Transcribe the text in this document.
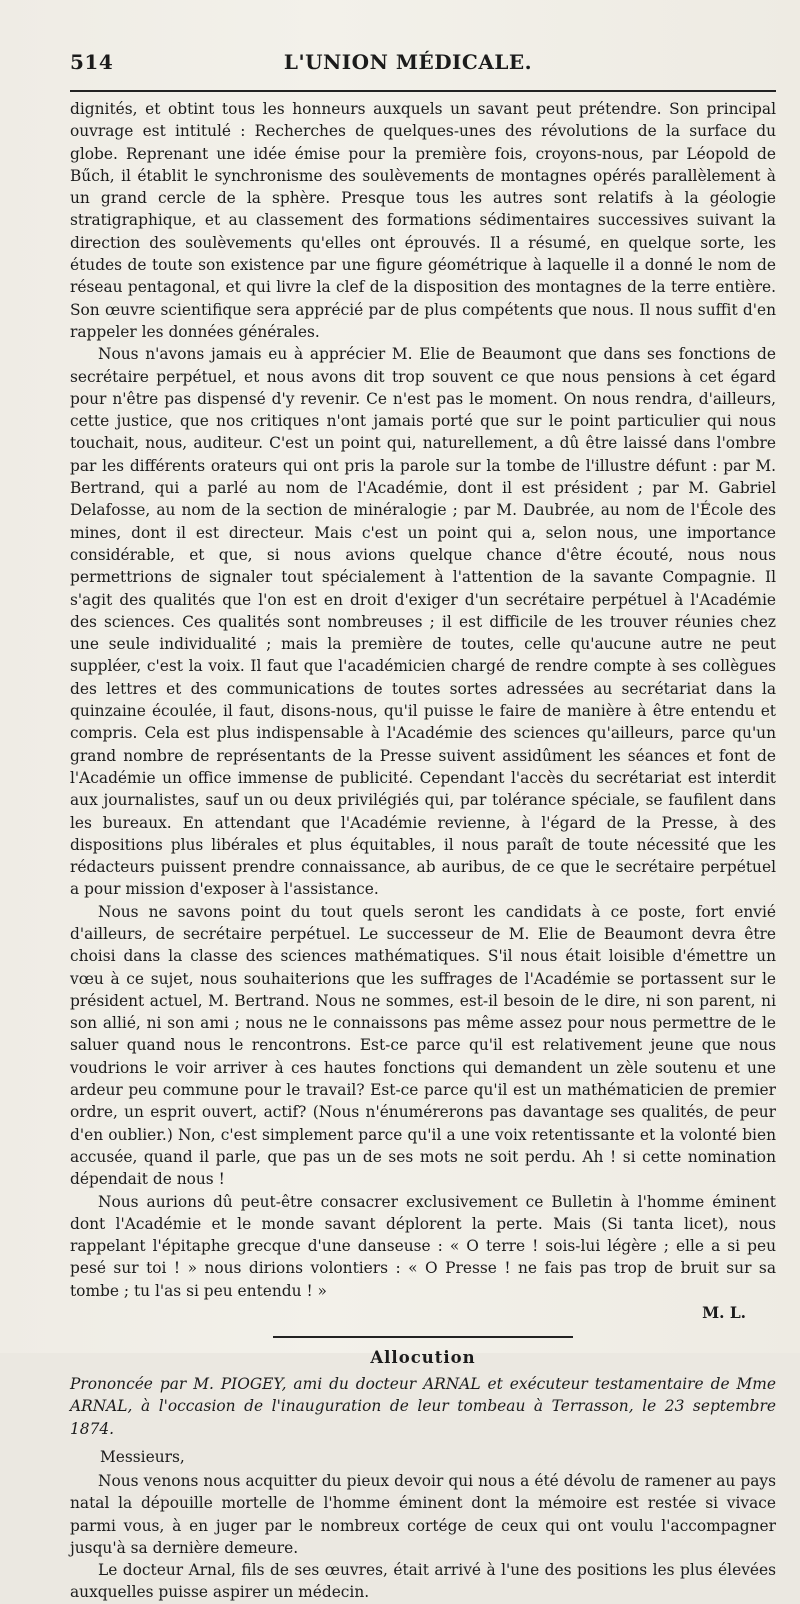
514	L'UNION MÉDICALE.

dignités, et obtint tous les honneurs auxquels un savant peut prétendre. Son principal ouvrage est intitulé : Recherches de quelques-unes des révolutions de la surface du globe. Reprenant une idée émise pour la première fois, croyons-nous, par Léopold de Bűch, il établit le synchronisme des soulèvements de montagnes opérés parallèlement à un grand cercle de la sphère. Presque tous les autres sont relatifs à la géologie stratigraphique, et au classement des formations sédimentaires successives suivant la direction des soulèvements qu'elles ont éprouvés. Il a résumé, en quelque sorte, les études de toute son existence par une figure géométrique à laquelle il a donné le nom de réseau pentagonal, et qui livre la clef de la disposition des montagnes de la terre entière. Son œuvre scientifique sera apprécié par de plus compétents que nous. Il nous suffit d'en rappeler les données générales.

Nous n'avons jamais eu à apprécier M. Elie de Beaumont que dans ses fonctions de secrétaire perpétuel, et nous avons dit trop souvent ce que nous pensions à cet égard pour n'être pas dispensé d'y revenir. Ce n'est pas le moment. On nous rendra, d'ailleurs, cette justice, que nos critiques n'ont jamais porté que sur le point particulier qui nous touchait, nous, auditeur. C'est un point qui, naturellement, a dû être laissé dans l'ombre par les différents orateurs qui ont pris la parole sur la tombe de l'illustre défunt : par M. Bertrand, qui a parlé au nom de l'Académie, dont il est président ; par M. Gabriel Delafosse, au nom de la section de minéralogie ; par M. Daubrée, au nom de l'École des mines, dont il est directeur. Mais c'est un point qui a, selon nous, une importance considérable, et que, si nous avions quelque chance d'être écouté, nous nous permettrions de signaler tout spécialement à l'attention de la savante Compagnie. Il s'agit des qualités que l'on est en droit d'exiger d'un secrétaire perpétuel à l'Académie des sciences. Ces qualités sont nombreuses ; il est difficile de les trouver réunies chez une seule individualité ; mais la première de toutes, celle qu'aucune autre ne peut suppléer, c'est la voix. Il faut que l'académicien chargé de rendre compte à ses collègues des lettres et des communications de toutes sortes adressées au secrétariat dans la quinzaine écoulée, il faut, disons-nous, qu'il puisse le faire de manière à être entendu et compris. Cela est plus indispensable à l'Académie des sciences qu'ailleurs, parce qu'un grand nombre de représentants de la Presse suivent assidûment les séances et font de l'Académie un office immense de publicité. Cependant l'accès du secrétariat est interdit aux journalistes, sauf un ou deux privilégiés qui, par tolérance spéciale, se faufilent dans les bureaux. En attendant que l'Académie revienne, à l'égard de la Presse, à des dispositions plus libérales et plus équitables, il nous paraît de toute nécessité que les rédacteurs puissent prendre connaissance, ab auribus, de ce que le secrétaire perpétuel a pour mission d'exposer à l'assistance.

Nous ne savons point du tout quels seront les candidats à ce poste, fort envié d'ailleurs, de secrétaire perpétuel. Le successeur de M. Elie de Beaumont devra être choisi dans la classe des sciences mathématiques. S'il nous était loisible d'émettre un vœu à ce sujet, nous souhaiterions que les suffrages de l'Académie se portassent sur le président actuel, M. Bertrand. Nous ne sommes, est-il besoin de le dire, ni son parent, ni son allié, ni son ami ; nous ne le connaissons pas même assez pour nous permettre de le saluer quand nous le rencontrons. Est-ce parce qu'il est relativement jeune que nous voudrions le voir arriver à ces hautes fonctions qui demandent un zèle soutenu et une ardeur peu commune pour le travail? Est-ce parce qu'il est un mathématicien de premier ordre, un esprit ouvert, actif? (Nous n'énumérerons pas davantage ses qualités, de peur d'en oublier.) Non, c'est simplement parce qu'il a une voix retentissante et la volonté bien accusée, quand il parle, que pas un de ses mots ne soit perdu. Ah ! si cette nomination dépendait de nous !

Nous aurions dû peut-être consacrer exclusivement ce Bulletin à l'homme éminent dont l'Académie et le monde savant déplorent la perte. Mais (Si tanta licet), nous rappelant l'épitaphe grecque d'une danseuse : « O terre ! sois-lui légère ; elle a si peu pesé sur toi ! » nous dirions volontiers : « O Presse ! ne fais pas trop de bruit sur sa tombe ; tu l'as si peu entendu ! »

M. L.
Allocution

Prononcée par M. PIOGEY, ami du docteur ARNAL et exécuteur testamentaire de Mme ARNAL, à l'occasion de l'inauguration de leur tombeau à Terrasson, le 23 septembre 1874.

Messieurs,

Nous venons nous acquitter du pieux devoir qui nous a été dévolu de ramener au pays natal la dépouille mortelle de l'homme éminent dont la mémoire est restée si vivace parmi vous, à en juger par le nombreux cortége de ceux qui ont voulu l'accompagner jusqu'à sa dernière demeure.

Le docteur Arnal, fils de ses œuvres, était arrivé à l'une des positions les plus élevées auxquelles puisse aspirer un médecin.
